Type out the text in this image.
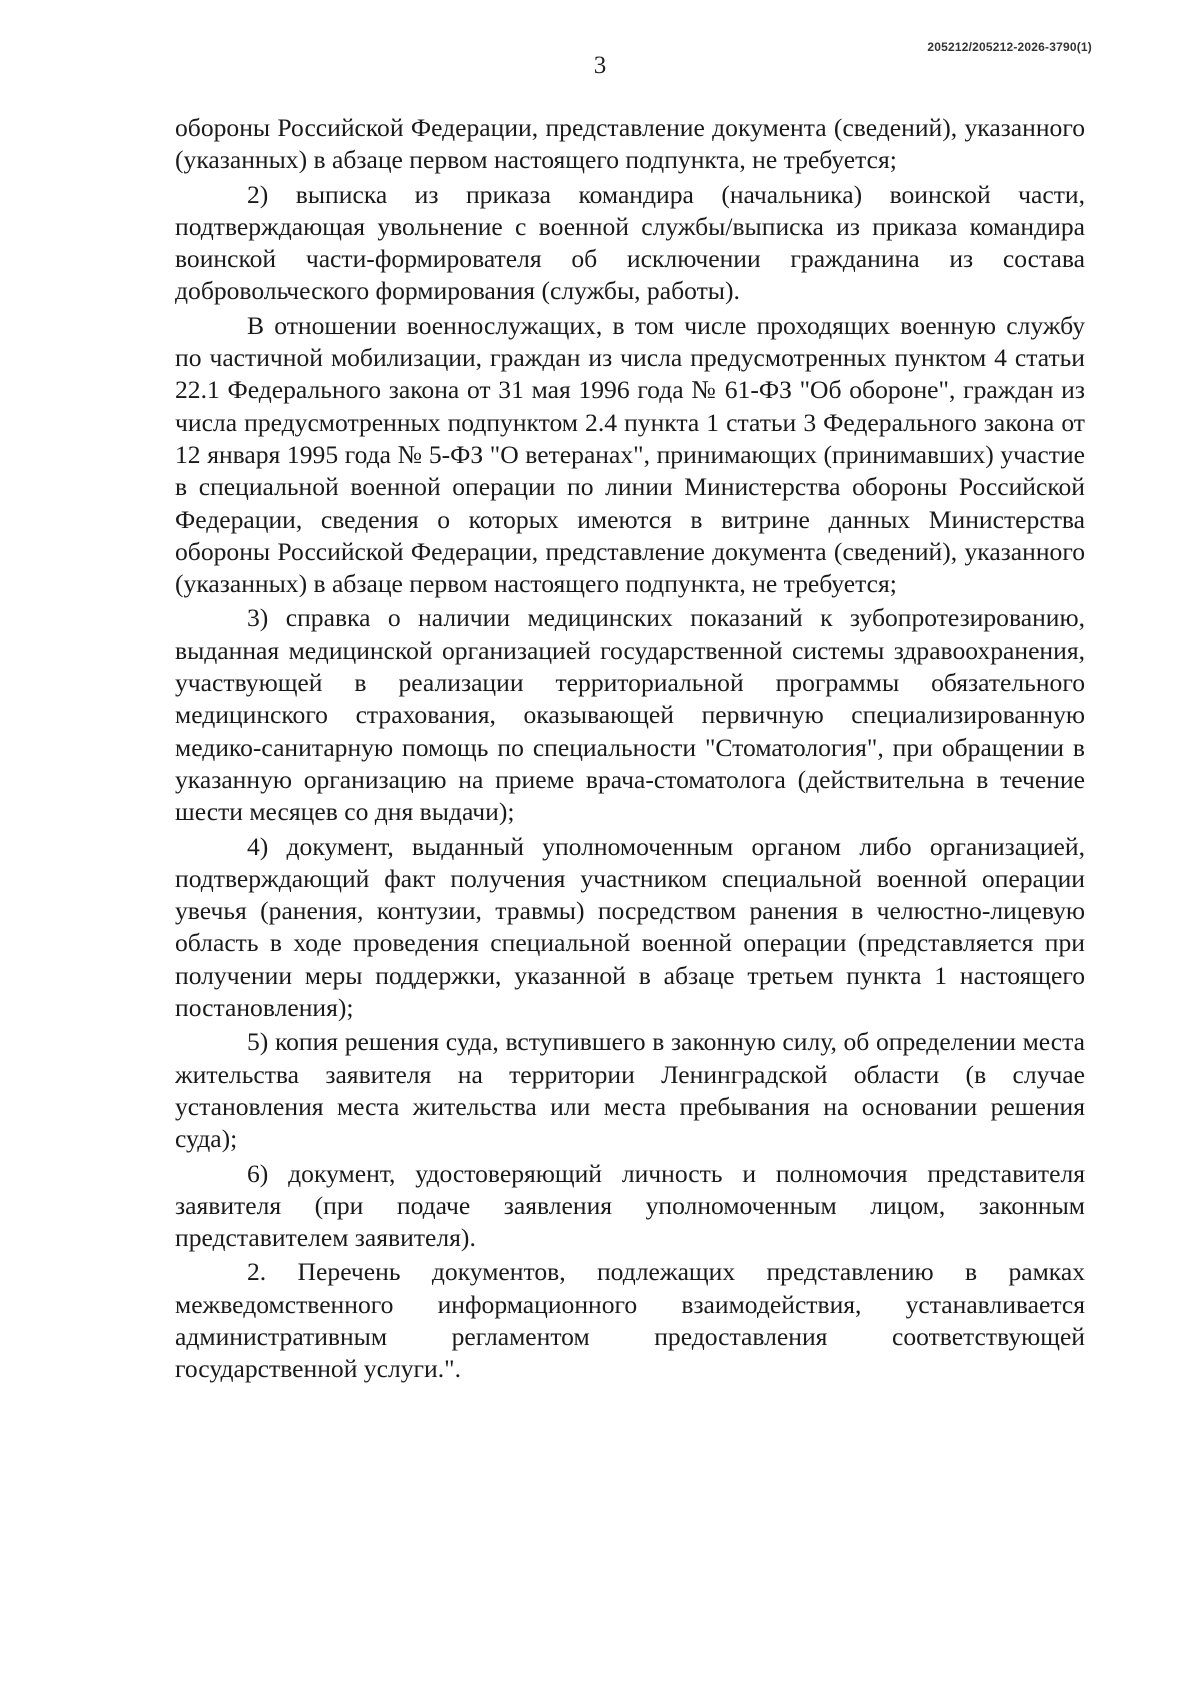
205212/205212-2026-3790(1)
3

обороны Российской Федерации, представление документа (сведений), указанного (указанных) в абзаце первом настоящего подпункта, не требуется;

2) выписка из приказа командира (начальника) воинской части, подтверждающая увольнение с военной службы/выписка из приказа командира воинской части-формирователя об исключении гражданина из состава добровольческого формирования (службы, работы).

В отношении военнослужащих, в том числе проходящих военную службу по частичной мобилизации, граждан из числа предусмотренных пунктом 4 статьи 22.1 Федерального закона от 31 мая 1996 года № 61-ФЗ "Об обороне", граждан из числа предусмотренных подпунктом 2.4 пункта 1 статьи 3 Федерального закона от 12 января 1995 года № 5-ФЗ "О ветеранах", принимающих (принимавших) участие в специальной военной операции по линии Министерства обороны Российской Федерации, сведения о которых имеются в витрине данных Министерства обороны Российской Федерации, представление документа (сведений), указанного (указанных) в абзаце первом настоящего подпункта, не требуется;

3) справка о наличии медицинских показаний к зубопротезированию, выданная медицинской организацией государственной системы здравоохранения, участвующей в реализации территориальной программы обязательного медицинского страхования, оказывающей первичную специализированную медико-санитарную помощь по специальности "Стоматология", при обращении в указанную организацию на приеме врача-стоматолога (действительна в течение шести месяцев со дня выдачи);

4) документ, выданный уполномоченным органом либо организацией, подтверждающий факт получения участником специальной военной операции увечья (ранения, контузии, травмы) посредством ранения в челюстно-лицевую область в ходе проведения специальной военной операции (представляется при получении меры поддержки, указанной в абзаце третьем пункта 1 настоящего постановления);

5) копия решения суда, вступившего в законную силу, об определении места жительства заявителя на территории Ленинградской области (в случае установления места жительства или места пребывания на основании решения суда);

6) документ, удостоверяющий личность и полномочия представителя заявителя (при подаче заявления уполномоченным лицом, законным представителем заявителя).

2. Перечень документов, подлежащих представлению в рамках межведомственного информационного взаимодействия, устанавливается административным регламентом предоставления соответствующей государственной услуги.".
